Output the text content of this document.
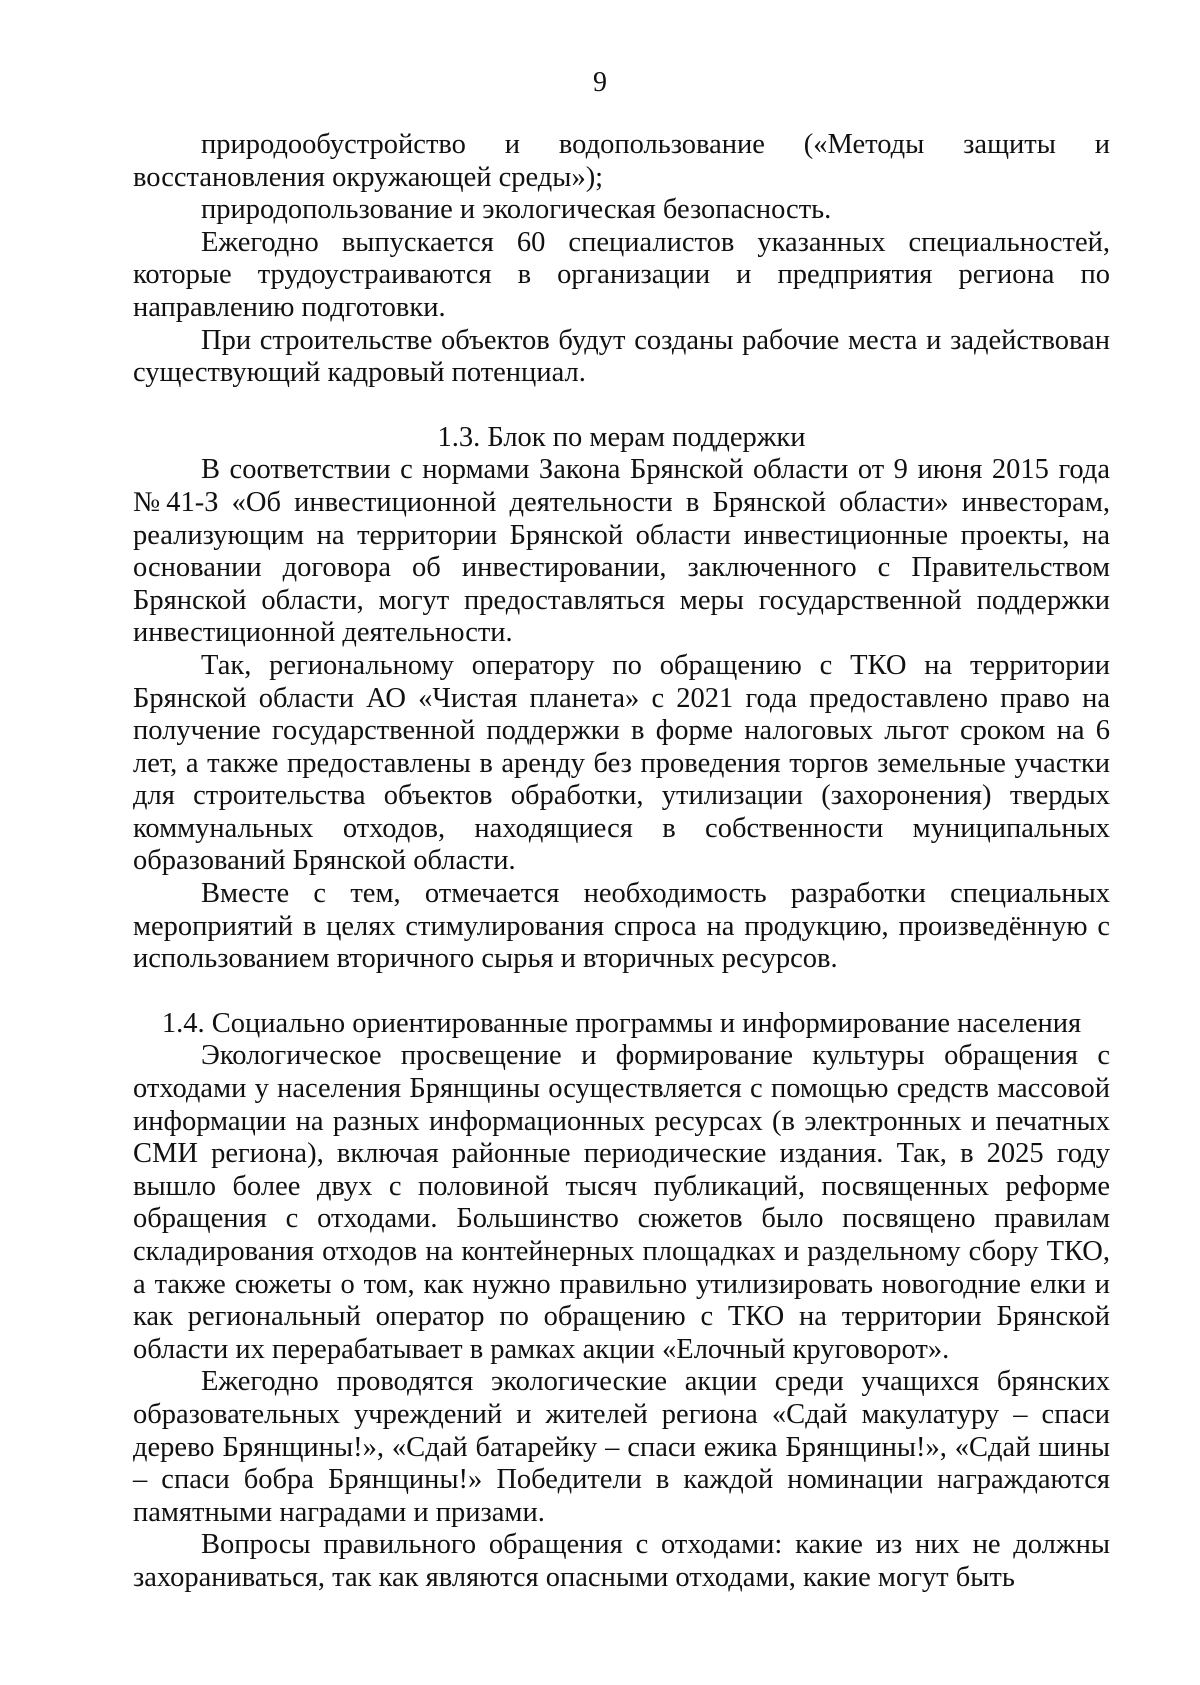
9

природообустройство и водопользование («Методы защиты и восстановления окружающей среды»);

природопользование и экологическая безопасность.

Ежегодно выпускается 60 специалистов указанных специальностей, которые трудоустраиваются в организации и предприятия региона по направлению подготовки.

При строительстве объектов будут созданы рабочие места и задействован существующий кадровый потенциал.

1.3. Блок по мерам поддержки

В соответствии с нормами Закона Брянской области от 9 июня 2015 года №41-З «Об инвестиционной деятельности в Брянской области» инвесторам, реализующим на территории Брянской области инвестиционные проекты, на основании договора об инвестировании, заключенного с Правительством Брянской области, могут предоставляться меры государственной поддержки инвестиционной деятельности.

Так, региональному оператору по обращению с ТКО на территории Брянской области АО «Чистая планета» с 2021 года предоставлено право на получение государственной поддержки в форме налоговых льгот сроком на 6 лет, а также предоставлены в аренду без проведения торгов земельные участки для строительства объектов обработки, утилизации (захоронения) твердых коммунальных отходов, находящиеся в собственности муниципальных образований Брянской области.

Вместе с тем, отмечается необходимость разработки специальных мероприятий в целях стимулирования спроса на продукцию, произведённую с использованием вторичного сырья и вторичных ресурсов.

1.4. Социально ориентированные программы и информирование населения

Экологическое просвещение и формирование культуры обращения с отходами у населения Брянщины осуществляется с помощью средств массовой информации на разных информационных ресурсах (в электронных и печатных СМИ региона), включая районные периодические издания. Так, в 2025 году вышло более двух с половиной тысяч публикаций, посвященных реформе обращения с отходами. Большинство сюжетов было посвящено правилам складирования отходов на контейнерных площадках и раздельному сбору ТКО, а также сюжеты о том, как нужно правильно утилизировать новогодние елки и как региональный оператор по обращению с ТКО на территории Брянской области их перерабатывает в рамках акции «Елочный круговорот».

Ежегодно проводятся экологические акции среди учащихся брянских образовательных учреждений и жителей региона «Сдай макулатуру – спаси дерево Брянщины!», «Сдай батарейку – спаси ежика Брянщины!», «Сдай шины – спаси бобра Брянщины!» Победители в каждой номинации награждаются памятными наградами и призами.

Вопросы правильного обращения с отходами: какие из них не должны захораниваться, так как являются опасными отходами, какие могут быть
